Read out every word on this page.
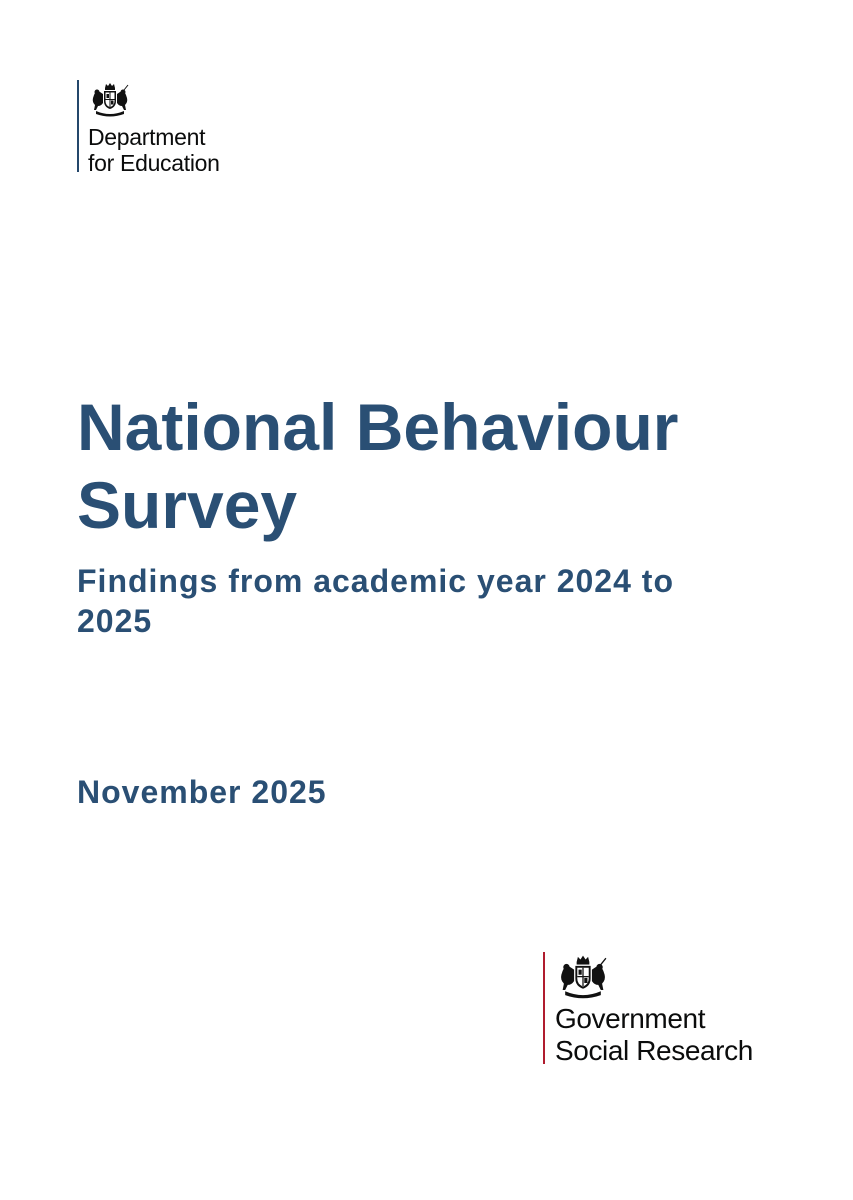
Department
for Education
National Behaviour
Survey
Findings from academic year 2024 to
2025

November 2025

Government
Social Research
